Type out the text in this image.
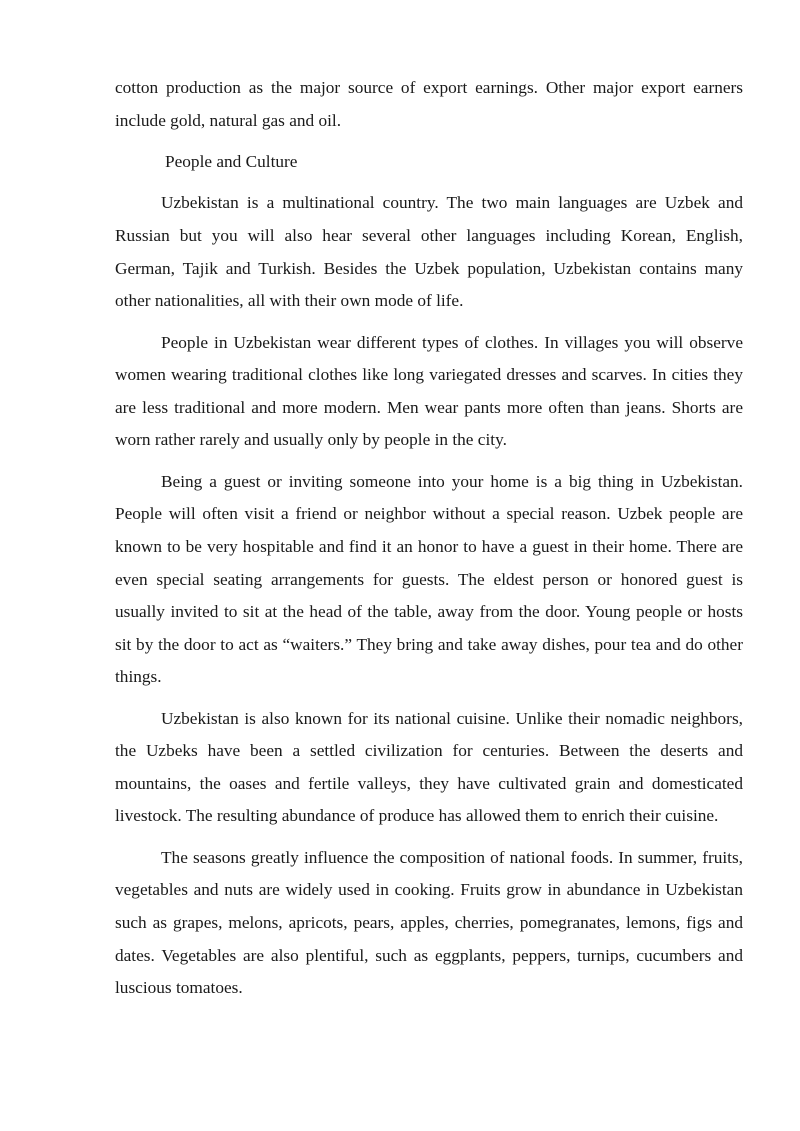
cotton production as the major source of export earnings. Other major export earners include gold, natural gas and oil.

People and Culture

Uzbekistan is a multinational country. The two main languages are Uzbek and Russian but you will also hear several other languages including Korean, English, German, Tajik and Turkish. Besides the Uzbek population, Uzbekistan contains many other nationalities, all with their own mode of life.

People in Uzbekistan wear different types of clothes. In villages you will observe women wearing traditional clothes like long variegated dresses and scarves. In cities they are less traditional and more modern. Men wear pants more often than jeans. Shorts are worn rather rarely and usually only by people in the city.

Being a guest or inviting someone into your home is a big thing in Uzbekistan. People will often visit a friend or neighbor without a special reason. Uzbek people are known to be very hospitable and find it an honor to have a guest in their home. There are even special seating arrangements for guests. The eldest person or honored guest is usually invited to sit at the head of the table, away from the door. Young people or hosts sit by the door to act as “waiters.” They bring and take away dishes, pour tea and do other things.

Uzbekistan is also known for its national cuisine. Unlike their nomadic neighbors, the Uzbeks have been a settled civilization for centuries. Between the deserts and mountains, the oases and fertile valleys, they have cultivated grain and domesticated livestock. The resulting abundance of produce has allowed them to enrich their cuisine.

The seasons greatly influence the composition of national foods. In summer, fruits, vegetables and nuts are widely used in cooking. Fruits grow in abundance in Uzbekistan such as grapes, melons, apricots, pears, apples, cherries, pomegranates, lemons, figs and dates. Vegetables are also plentiful, such as eggplants, peppers, turnips, cucumbers and luscious tomatoes.
